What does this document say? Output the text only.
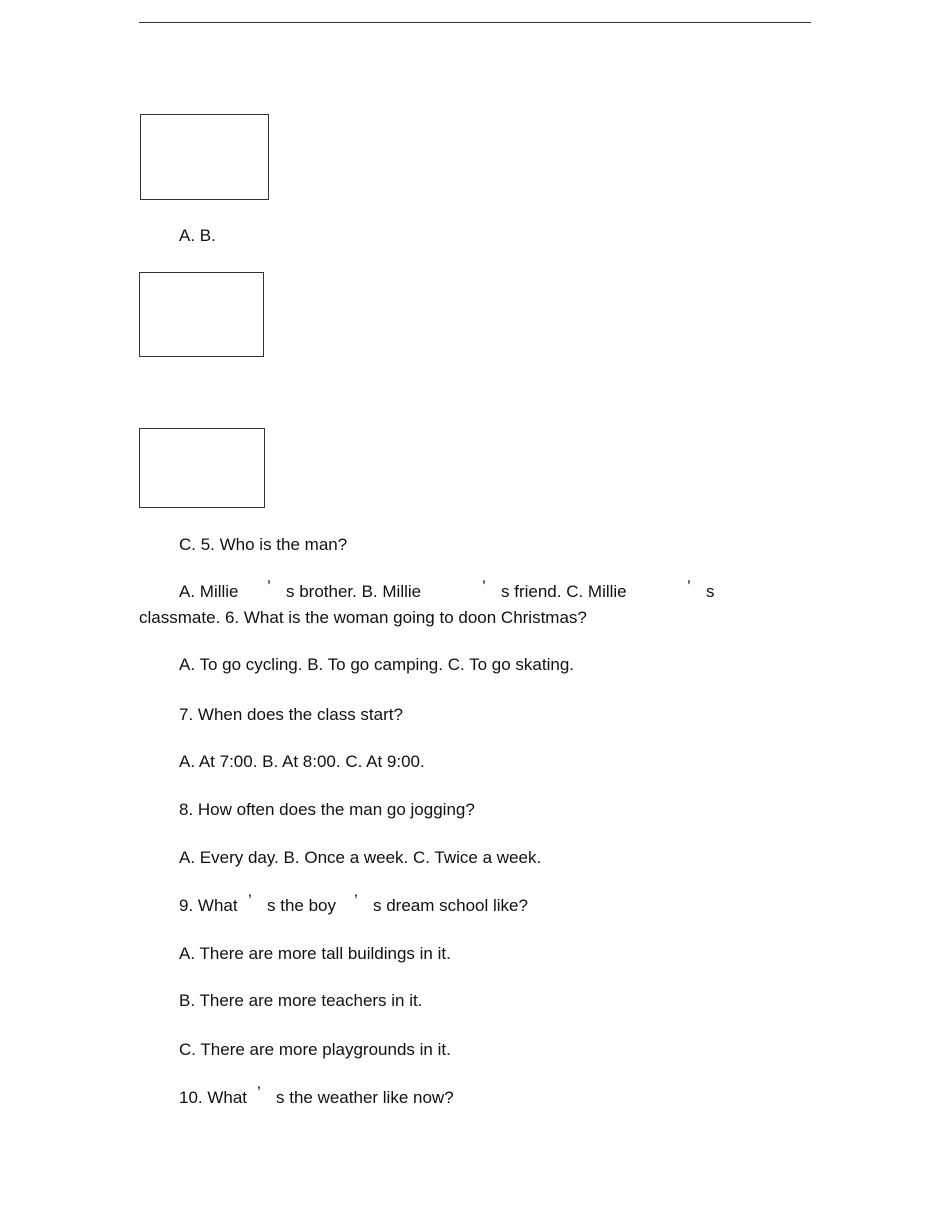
A. B.
C. 5. Who is the man?
A. Millie ’ s brother. B. Millie	’ s friend. C. Millie	’ s
classmate. 6. What is the woman going to doon Christmas?
A. To go cycling. B. To go camping. C. To go skating.
7. When does the class start?
A. At 7:00. B. At 8:00. C. At 9:00.
8. How often does the man go jogging?
A. Every day. B. Once a week. C. Twice a week.
9. What ’ s the boy ’ s dream school like?
A. There are more tall buildings in it.
B. There are more teachers in it.
C. There are more playgrounds in it.
10. What ’ s the weather like now?
